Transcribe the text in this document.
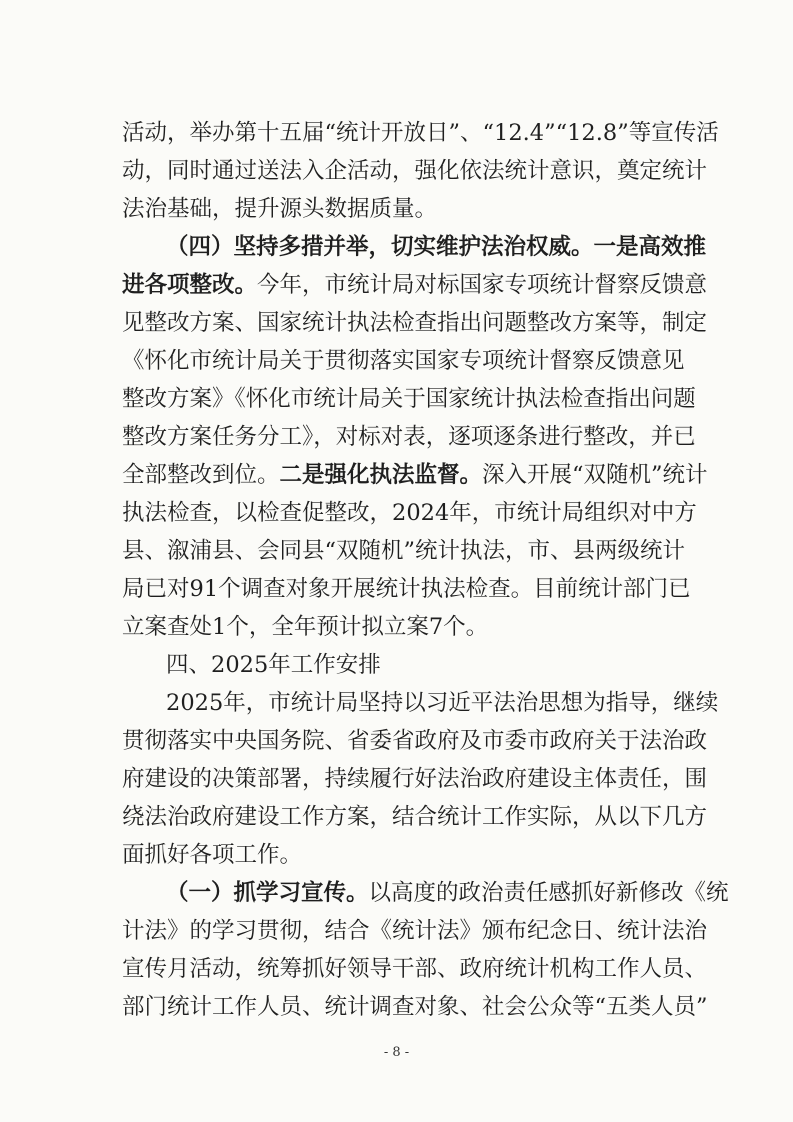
活动，举办第十五届“统计开放日”、“12.4”“12.8”等宣传活
动，同时通过送法入企活动，强化依法统计意识，奠定统计
法治基础，提升源头数据质量。
（四）坚持多措并举，切实维护法治权威。 一是高效推
进各项整改。 今年，市统计局对标国家专项统计督察反馈意
见整改方案、国家统计执法检查指出问题整改方案等，制定
《怀化市统计局关于贯彻落实国家专项统计督察反馈意见
整改方案》《怀化市统计局关于国家统计执法检查指出问题
整改方案任务分工》，对标对表，逐项逐条进行整改，并已
全部整改到位。 二是强化执法监督。 深入开展“双随机”统计
执法检查，以检查促整改，2024年，市统计局组织对中方
县、溆浦县、会同县“双随机”统计执法，市、县两级统计
局已对91个调查对象开展统计执法检查。目前统计部门已
立案查处1个，全年预计拟立案7个。
四、2025年工作安排
2025年，市统计局坚持以习近平法治思想为指导，继续
贯彻落实中央国务院、省委省政府及市委市政府关于法治政
府建设的决策部署，持续履行好法治政府建设主体责任，围
绕法治政府建设工作方案，结合统计工作实际，从以下几方
面抓好各项工作。
（一）抓学习宣传。 以高度的政治责任感抓好新修改《统
计法》的学习贯彻，结合《统计法》颁布纪念日、统计法治
宣传月活动，统筹抓好领导干部、政府统计机构工作人员、
部门统计工作人员、统计调查对象、社会公众等“五类人员”
- 8 -
